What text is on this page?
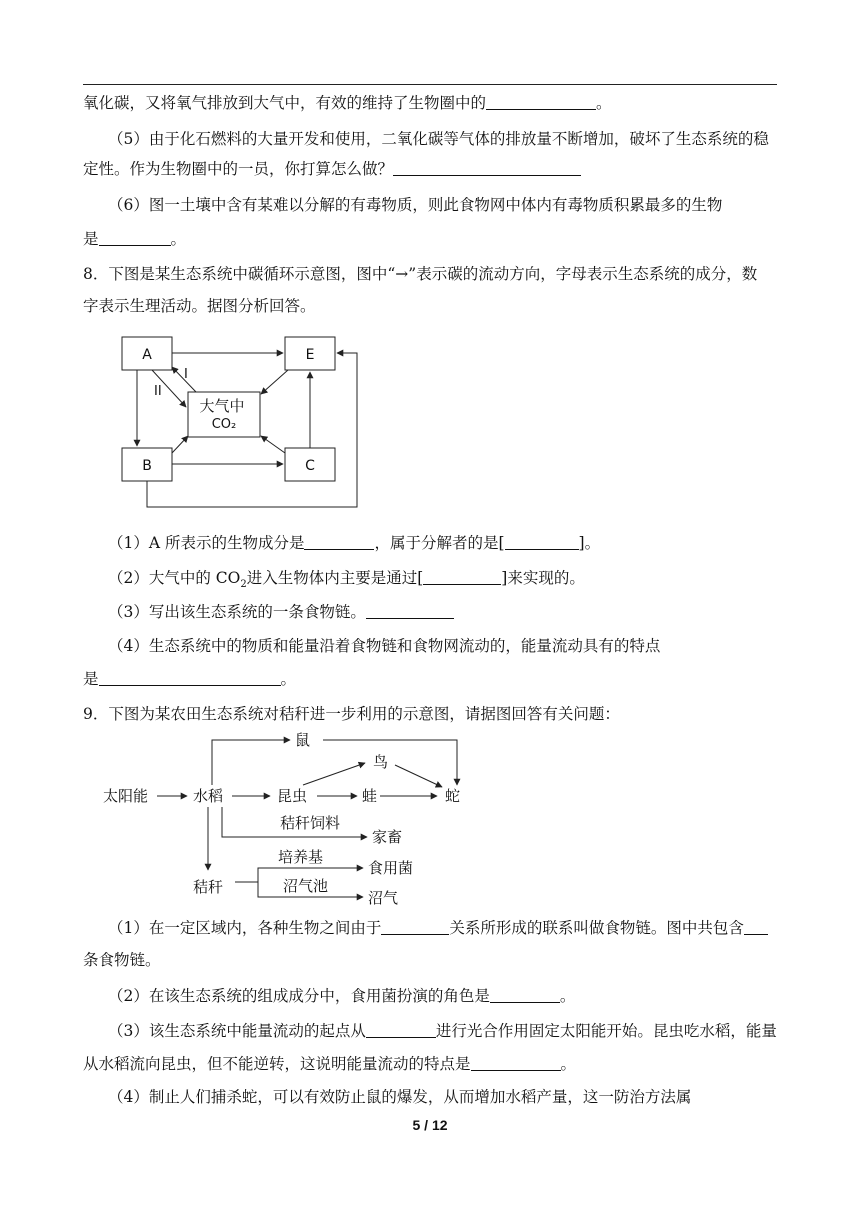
氧化碳，又将氧气排放到大气中，有效的维持了生物圈中的	。
（5）由于化石燃料的大量开发和使用，二氧化碳等气体的排放量不断增加，破坏了生态系统的稳
定性。作为生物圈中的一员，你打算怎么做？
（6）图一土壤中含有某难以分解的有毒物质，则此食物网中体内有毒物质积累最多的生物
是	。
8．下图是某生态系统中碳循环示意图，图中“→”表示碳的流动方向，字母表示生态系统的成分，数
字表示生理活动。据图分析回答。
A	E
B	C
大气中
CO₂
I
II
（1）A 所表示的生物成分是	，属于分解者的是[	]。
（2）大气中的 $CO_2$进入生物体内主要是通过[	]来实现的。
（3）写出该生态系统的一条食物链。
（4）生态系统中的物质和能量沿着食物链和食物网流动的，能量流动具有的特点
是	。
9．下图为某农田生态系统对秸秆进一步利用的示意图，请据图回答有关问题：
太阳能	水稻
鼠
鸟
昆虫	蛙	蛇
秸秆饲料
家畜
秸秆
培养基
食用菌
沼气池
沼气
（1）在一定区域内，各种生物之间由于	关系所形成的联系叫做食物链。图中共包含
条食物链。
（2）在该生态系统的组成成分中，食用菌扮演的角色是	。
（3）该生态系统中能量流动的起点从	进行光合作用固定太阳能开始。昆虫吃水稻，能量
从水稻流向昆虫，但不能逆转，这说明能量流动的特点是	。
（4）制止人们捕杀蛇，可以有效防止鼠的爆发，从而增加水稻产量，这一防治方法属
5 / 12
